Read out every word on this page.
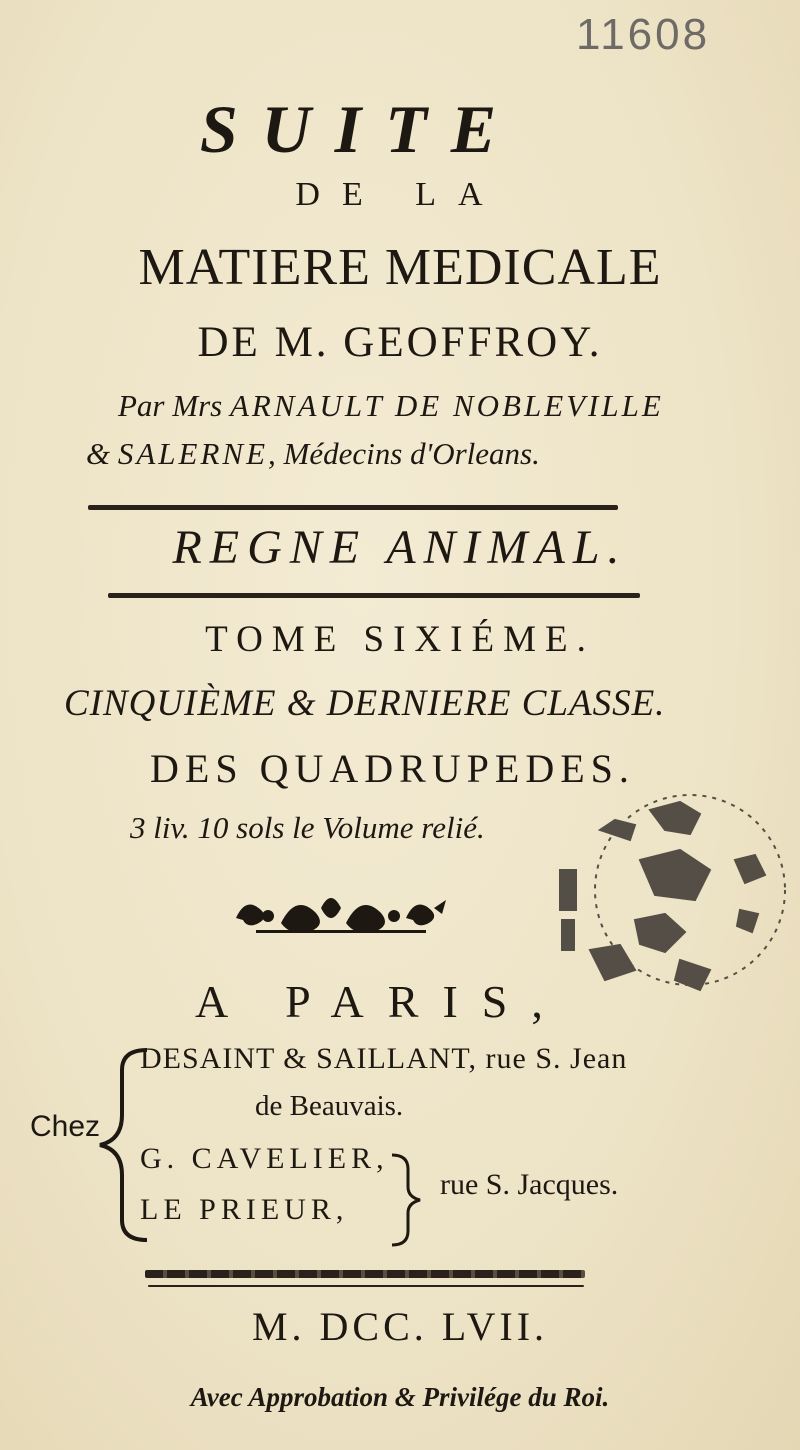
11608
SUITE
DE LA
MATIERE MEDICALE
DE M. GEOFFROY.
Par Mrs ARNAULT DE NOBLEVILLE
& SALERNE, Médecins d'Orleans.
REGNE ANIMAL.
TOME SIXIÉME.
CINQUIÈME & DERNIERE CLASSE.
DES QUADRUPEDES.
3 liv. 10 sols le Volume relié.
A PARIS,
Chez
DESAINT & SAILLANT, rue S. Jean
de Beauvais.
G. CAVELIER,
LE PRIEUR,
rue S. Jacques.
M. DCC. LVII.
Avec Approbation & Privilége du Roi.
